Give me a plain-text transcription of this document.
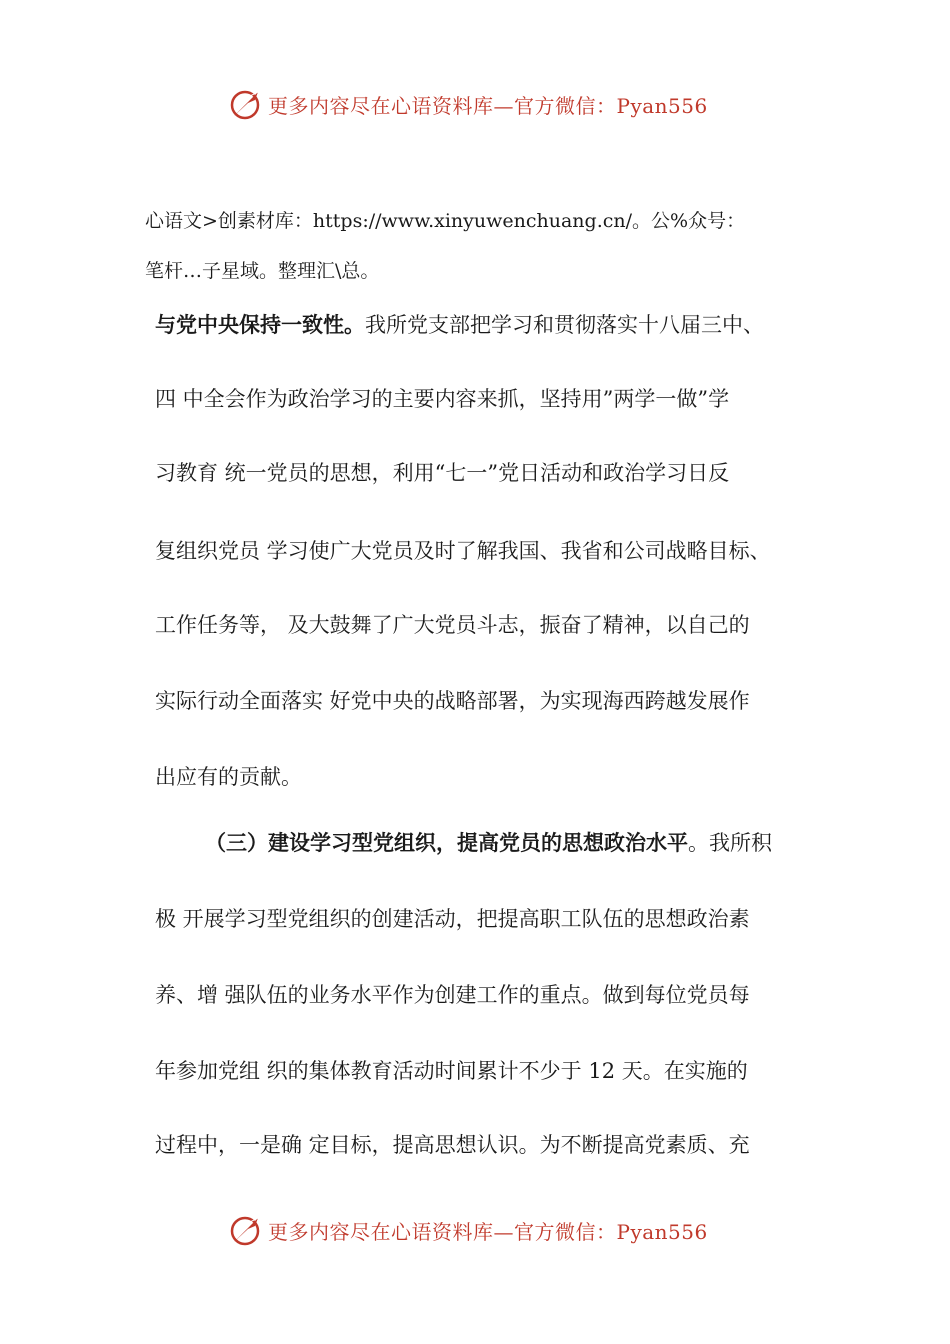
更多内容尽在心语资料库—官方微信：Pyan556
心语文>创素材库：https://www.xinyuwenchuang.cn/。公%众号：
笔杆…子星域。整理汇\总。
与党中央保持一致性。我所党支部把学习和贯彻落实十八届三中、
四 中全会作为政治学习的主要内容来抓，坚持用”两学一做”学
习教育 统一党员的思想，利用“七一”党日活动和政治学习日反
复组织党员 学习使广大党员及时了解我国、我省和公司战略目标、
工作任务等， 及大鼓舞了广大党员斗志，振奋了精神，以自己的
实际行动全面落实 好党中央的战略部署，为实现海西跨越发展作
出应有的贡献。
（三）建设学习型党组织，提高党员的思想政治水平。我所积
极 开展学习型党组织的创建活动，把提高职工队伍的思想政治素
养、增 强队伍的业务水平作为创建工作的重点。做到每位党员每
年参加党组 织的集体教育活动时间累计不少于 12 天。在实施的
过程中，一是确 定目标，提高思想认识。为不断提高党素质、充
更多内容尽在心语资料库—官方微信：Pyan556
